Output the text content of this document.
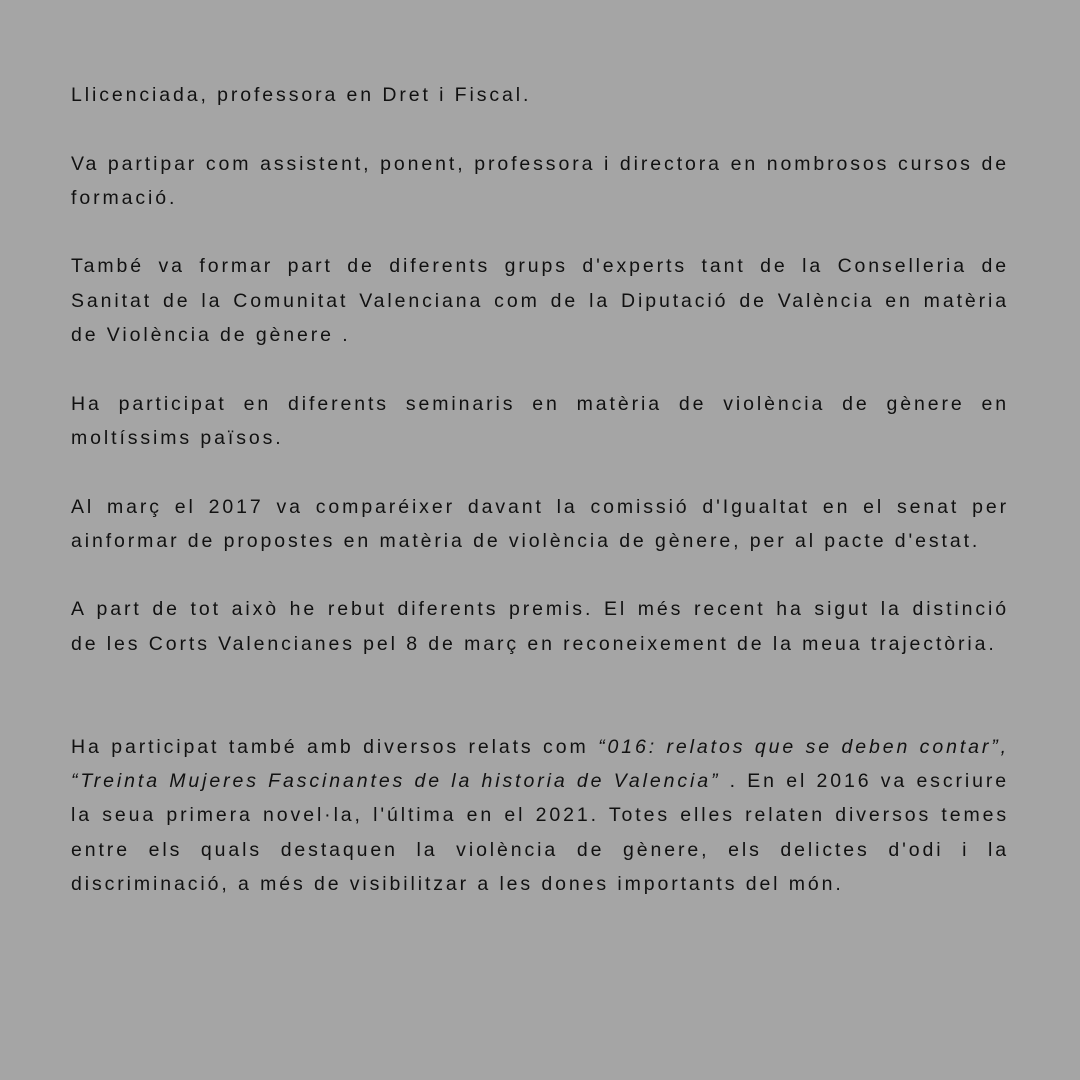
Llicenciada, professora en Dret i Fiscal.

Va partipar com assistent, ponent, professora i directora en nombrosos cursos de formació.

També va formar part de diferents grups d'experts tant de la Conselleria de Sanitat de la Comunitat Valenciana com de la Diputació de València en matèria de Violència de gènere .

Ha participat en diferents seminaris en matèria de violència de gènere en moltíssims països.

Al març el 2017 va comparéixer davant la comissió d'Igualtat en el senat per ainformar de propostes en matèria de violència de gènere, per al pacte d'estat.

A part de tot això he rebut diferents premis. El més recent ha sigut la distinció de les Corts Valencianes pel 8 de març en reconeixement de la meua trajectòria.

Ha participat també amb diversos relats com “016: relatos que se deben contar”, “Treinta Mujeres Fascinantes de la historia de Valencia” . En el 2016 va escriure la seua primera novel·la, l'última en el 2021. Totes elles relaten diversos temes entre els quals destaquen la violència de gènere, els delictes d'odi i la discriminació, a més de visibilitzar a les dones importants del món.
